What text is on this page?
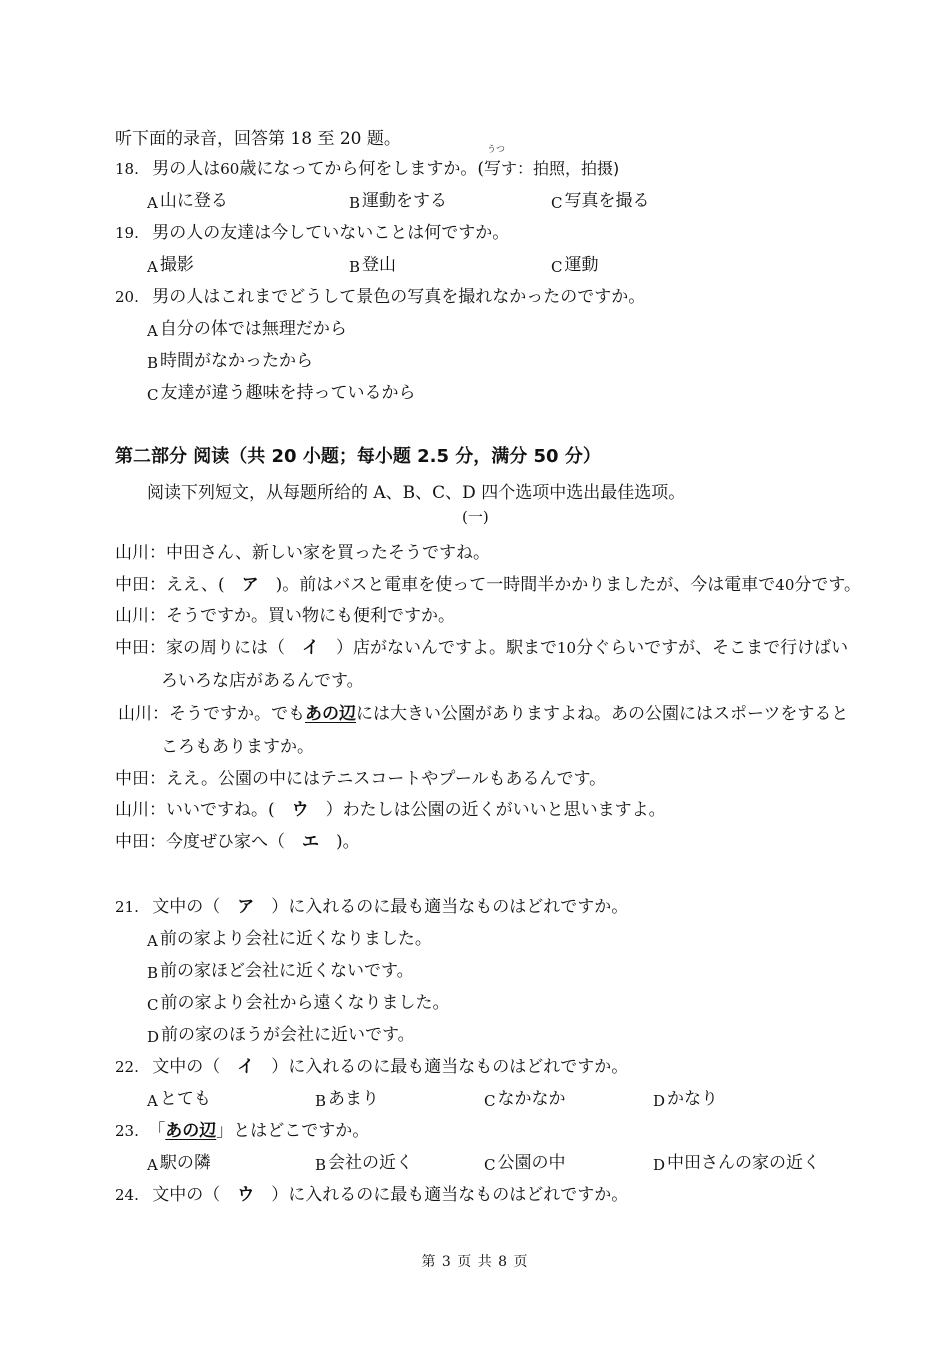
听下面的录音，回答第 18 至 20 题。
18. 男の人は60歳になってから何をしますか。(
うつ
写す：拍照，拍摄)
A 山に登る	B 運動をする	C 写真を撮る
19. 男の人の友達は今していないことは何ですか。
A 撮影	B 登山	C 運動
20. 男の人はこれまでどうして景色の写真を撮れなかったのですか。
A 自分の体では無理だから
B 時間がなかったから
C 友達が違う趣味を持っているから
第二部分 阅读（共 20 小题；每小题 2.5 分，满分 50 分）
阅读下列短文，从每题所给的 A、B、C、D 四个选项中选出最佳选项。
(一)
山川：中田さん、新しい家を買ったそうですね。
中田：ええ、(　ア　)。前はバスと電車を使って一時間半かかりましたが、今は電車で40分です。
山川：そうですか。買い物にも便利ですか。
中田：家の周りには（　イ　）店がないんですよ。駅まで10分ぐらいですが、そこまで行けばい
ろいろな店があるんです。
山川：そうですか。でもあの辺には大きい公園がありますよね。あの公園にはスポーツをすると
ころもありますか。
中田：ええ。公園の中にはテニスコートやプールもあるんです。
山川：いいですね。(　ウ　）わたしは公園の近くがいいと思いますよ。
中田：今度ぜひ家へ（　エ　)。
21. 文中の（　ア　）に入れるのに最も適当なものはどれですか。
A 前の家より会社に近くなりました。
B 前の家ほど会社に近くないです。
C 前の家より会社から遠くなりました。
D 前の家のほうが会社に近いです。
22. 文中の（　イ　）に入れるのに最も適当なものはどれですか。
A とても	B あまり	C なかなか	D かなり
23. 「あの辺」とはどこですか。
A 駅の隣	B 会社の近く	C 公園の中	D 中田さんの家の近く
24. 文中の（　ウ　）に入れるのに最も適当なものはどれですか。
第 3 页 共 8 页
